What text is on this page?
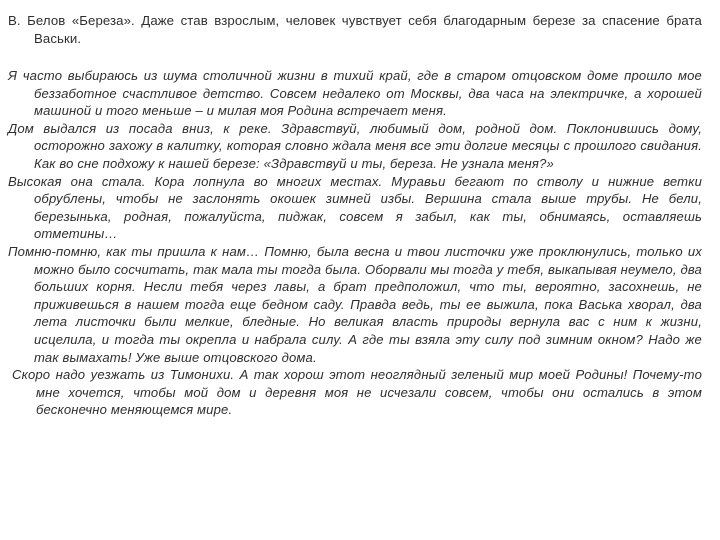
В. Белов «Береза». Даже став взрослым, человек чувствует себя благодарным березе за спасение брата Васьки.

Я часто выбираюсь из шума столичной жизни в тихий край, где в старом отцовском доме прошло мое беззаботное счастливое детство. Совсем недалеко от Москвы, два часа на электричке, а хорошей машиной и того меньше – и милая моя Родина встречает меня.

Дом выдался из посада вниз, к реке. Здравствуй, любимый дом, родной дом. Поклонившись дому, осторожно захожу в калитку, которая словно ждала меня все эти долгие месяцы с прошлого свидания. Как во сне подхожу к нашей березе: «Здравствуй и ты, береза. Не узнала меня?»

Высокая она стала. Кора лопнула во многих местах. Муравьи бегают по стволу и нижние ветки обрублены, чтобы не заслонять окошек зимней избы. Вершина стала выше трубы. Не бели, березынька, родная, пожалуйста, пиджак, совсем я забыл, как ты, обнимаясь, оставляешь отметины…

Помню-помню, как ты пришла к нам… Помню, была весна и твои листочки уже проклюнулись, только их можно было сосчитать, так мала ты тогда была. Оборвали мы тогда у тебя, выкапывая неумело, два больших корня. Несли тебя через лавы, а брат предположил, что ты, вероятно, засохнешь, не приживешься в нашем тогда еще бедном саду. Правда ведь, ты ее выжила, пока Васька хворал, два лета листочки были мелкие, бледные. Но великая власть природы вернула вас с ним к жизни, исцелила, и тогда ты окрепла и набрала силу. А где ты взяла эту силу под зимним окном? Надо же так вымахать! Уже выше отцовского дома.

Скоро надо уезжать из Тимонихи. А так хорош этот неоглядный зеленый мир моей Родины! Почему-то мне хочется, чтобы мой дом и деревня моя не исчезали совсем, чтобы они остались в этом бесконечно меняющемся мире.
